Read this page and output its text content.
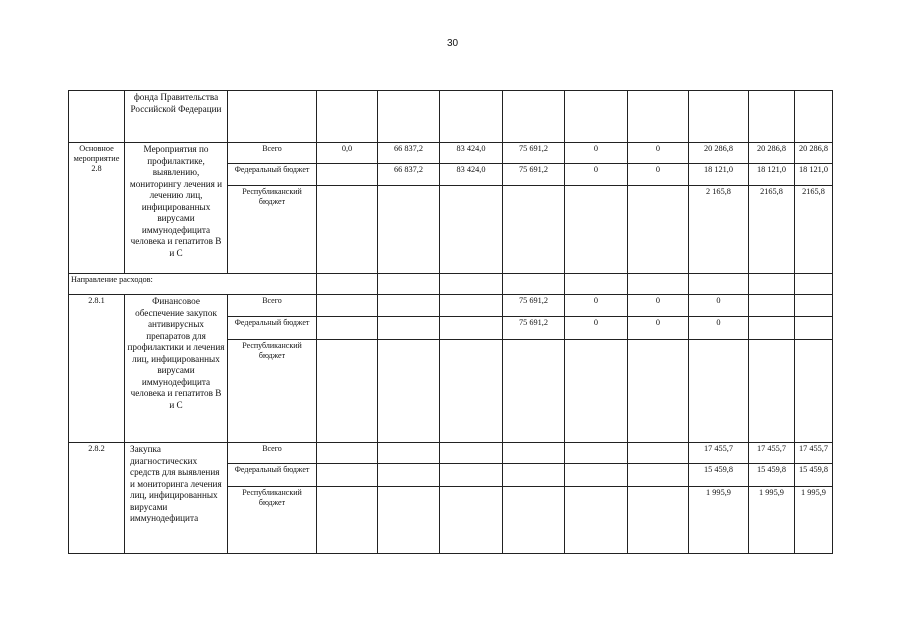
30
	фонда Правительства Российской Федерации										
Основное мероприятие 2.8	Мероприятия по профилактике, выявлению, мониторингу лечения и лечению лиц, инфицированных вирусами иммунодефицита человека и гепатитов В и С	Всего	0,0	66 837,2	83 424,0	75 691,2	0	0	20 286,8	20 286,8	20 286,8
		Федеральный бюджет		66 837,2	83 424,0	75 691,2	0	0	18 121,0	18 121,0	18 121,0
		Республиканский бюджет							2 165,8	2165,8	2165,8
Направление расходов:											
2.8.1	Финансовое обеспечение закупок антивирусных препаратов для профилактики и лечения лиц, инфицированных вирусами иммунодефицита человека и гепатитов В и С	Всего				75 691,2	0	0	0		
		Федеральный бюджет				75 691,2	0	0	0		
		Республиканский бюджет									
2.8.2	Закупка диагностических средств для выявления и мониторинга лечения лиц, инфицированных вирусами иммунодефицита	Всего							17 455,7	17 455,7	17 455,7
		Федеральный бюджет							15 459,8	15 459,8	15 459,8
		Республиканский бюджет							1 995,9	1 995,9	1 995,9
